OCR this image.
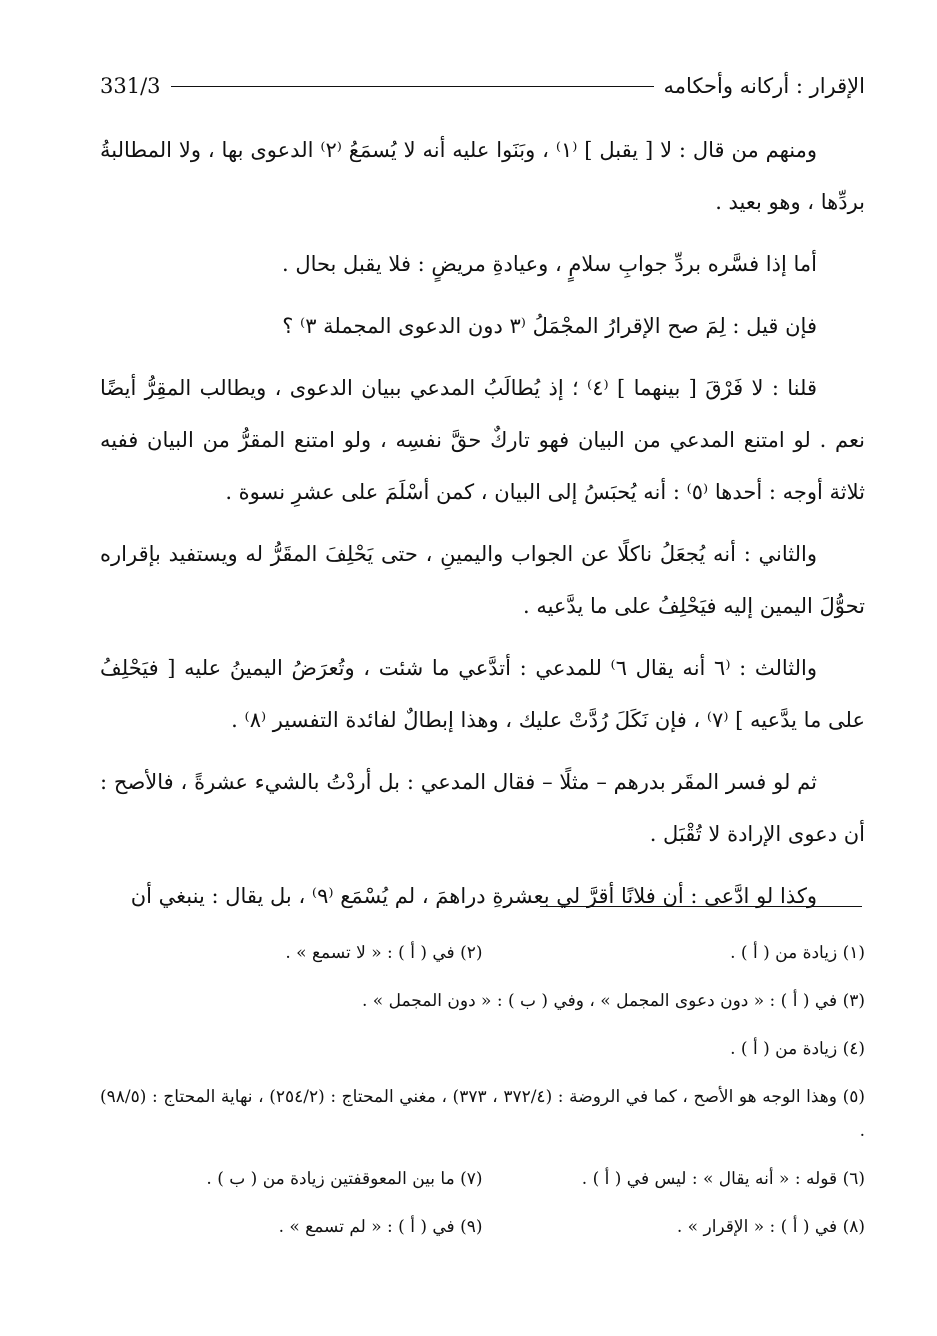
الإقرار : أركانه وأحكامه
331/3

ومنهم من قال : لا [ يقبل ] ⁽١⁾ ، وبَنَوا عليه أنه لا يُسمَعُ ⁽٢⁾ الدعوى بها ، ولا المطالبةُ بردِّها ، وهو بعيد .

أما إذا فسَّره بردِّ جوابِ سلامٍ ، وعيادةِ مريضٍ : فلا يقبل بحال .

فإن قيل : لِمَ صح الإقرارُ المجْمَلُ ⁽٣ دون الدعوى المجملة ٣⁾ ؟

قلنا : لا فَرْقَ [ بينهما ] ⁽٤⁾ ؛ إذ يُطالَبُ المدعي ببيان الدعوى ، ويطالب المقِرُّ أيضًا نعم . لو امتنع المدعي من البيان فهو تاركٌ حقَّ نفسِه ، ولو امتنع المقرُّ من البيان ففيه ثلاثة أوجه : أحدها ⁽٥⁾ : أنه يُحبَسُ إلى البيان ، كمن أسْلَمَ على عشرِ نسوة .

والثاني : أنه يُجعَلُ ناكلًا عن الجواب واليمينِ ، حتى يَحْلِفَ المقَرُّ له ويستفيد بإقراره تحوُّلَ اليمين إليه فيَحْلِفُ على ما يدَّعيه .

والثالث : ⁽٦ أنه يقال ٦⁾ للمدعي : أتدَّعي ما شئت ، وتُعرَضُ اليمينُ عليه [ فيَحْلِفُ على ما يدَّعيه ] ⁽٧⁾ ، فإن نَكَلَ رُدَّتْ عليك ، وهذا إبطالٌ لفائدة التفسير ⁽٨⁾ .

ثم لو فسر المقَر بدرهم – مثلًا – فقال المدعي : بل أردْتُ بالشيء عشرةً ، فالأصح : أن دعوى الإرادة لا تُقْبَل .

وكذا لو ادَّعى : أن فلانًا أقرَّ لي بعشرةِ دراهمَ ، لم يُسْمَع ⁽٩⁾ ، بل يقال : ينبغي أن

(١) زيادة من ( أ ) .
(٢) في ( أ ) : « لا تسمع » .
(٣) في ( أ ) : « دون دعوى المجمل » ، وفي ( ب ) : « دون المجمل » .
(٤) زيادة من ( أ ) .
(٥) وهذا الوجه هو الأصح ، كما في الروضة : (٣٧٢/٤ ، ٣٧٣) ، مغني المحتاج : (٢٥٤/٢) ، نهاية المحتاج : (٩٨/٥) .
(٦) قوله : « أنه يقال » : ليس في ( أ ) .
(٧) ما بين المعوقفتين زيادة من ( ب ) .
(٨) في ( أ ) : « الإقرار » .
(٩) في ( أ ) : « لم تسمع » .
